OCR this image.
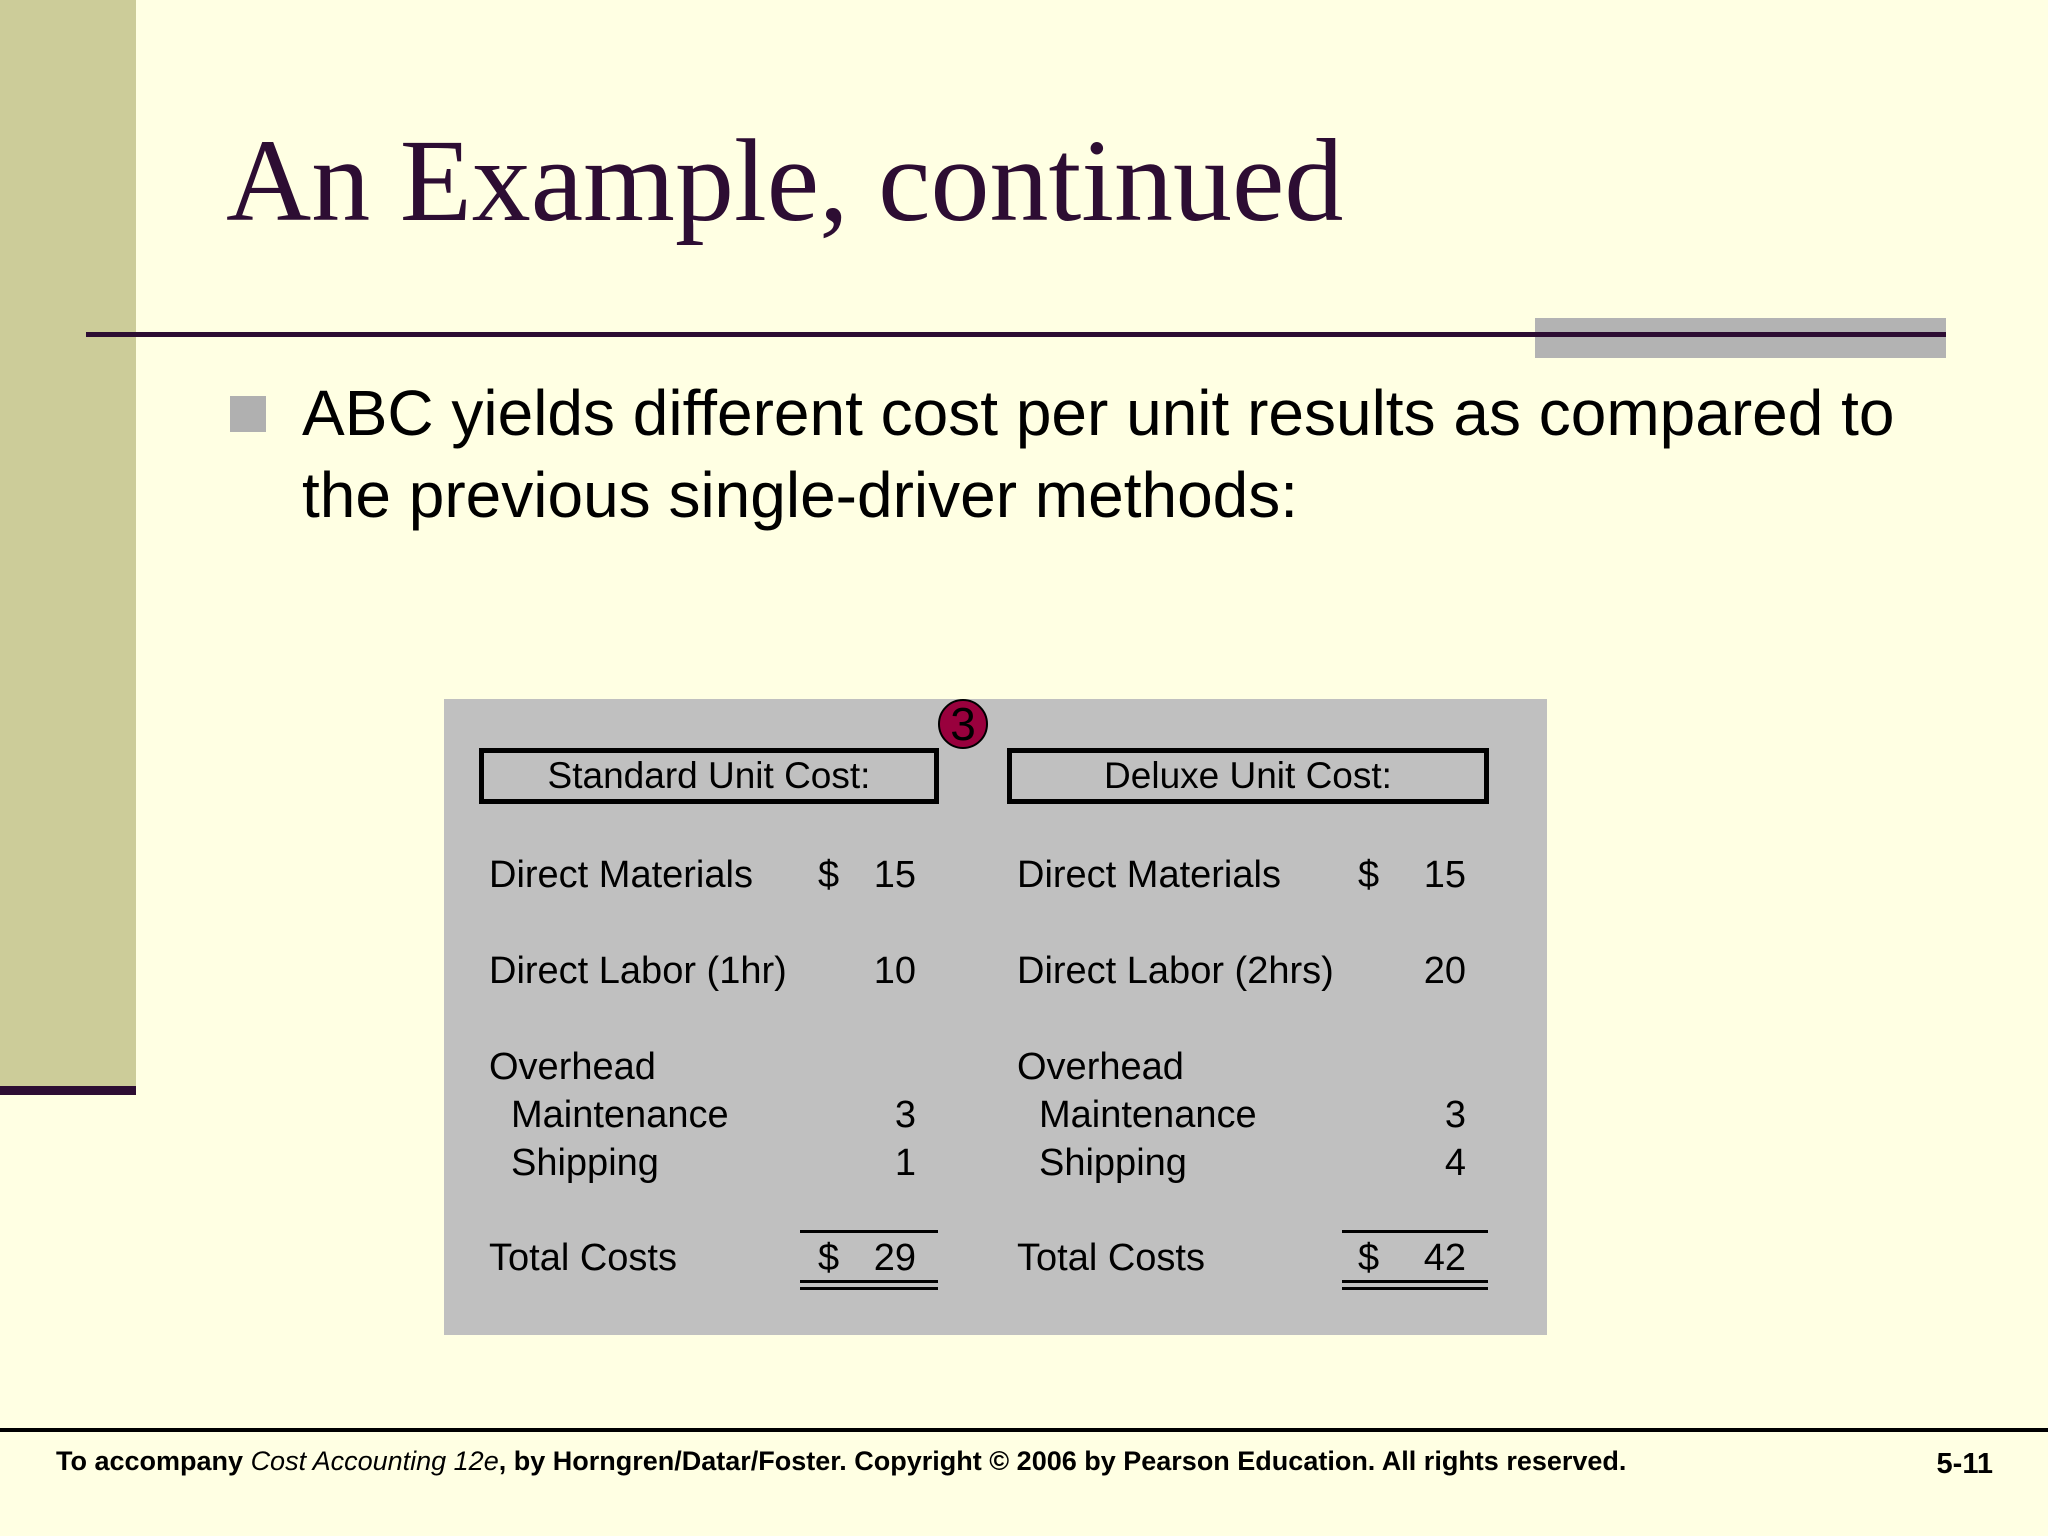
An Example, continued

ABC yields different cost per unit results as compared to the previous single-driver methods:

3
Standard Unit Cost:
Direct Materials $ 15
Direct Labor (1hr)	10
Overhead
Maintenance	3
Shipping	1
Total Costs	$ 29
Deluxe Unit Cost:
Direct Materials $	15
Direct Labor (2hrs)	20
Overhead
Maintenance	3
Shipping	4
Total Costs	$	42
To accompany Cost Accounting 12e, by Horngren/Datar/Foster. Copyright © 2006 by Pearson Education. All rights reserved.	5-11
